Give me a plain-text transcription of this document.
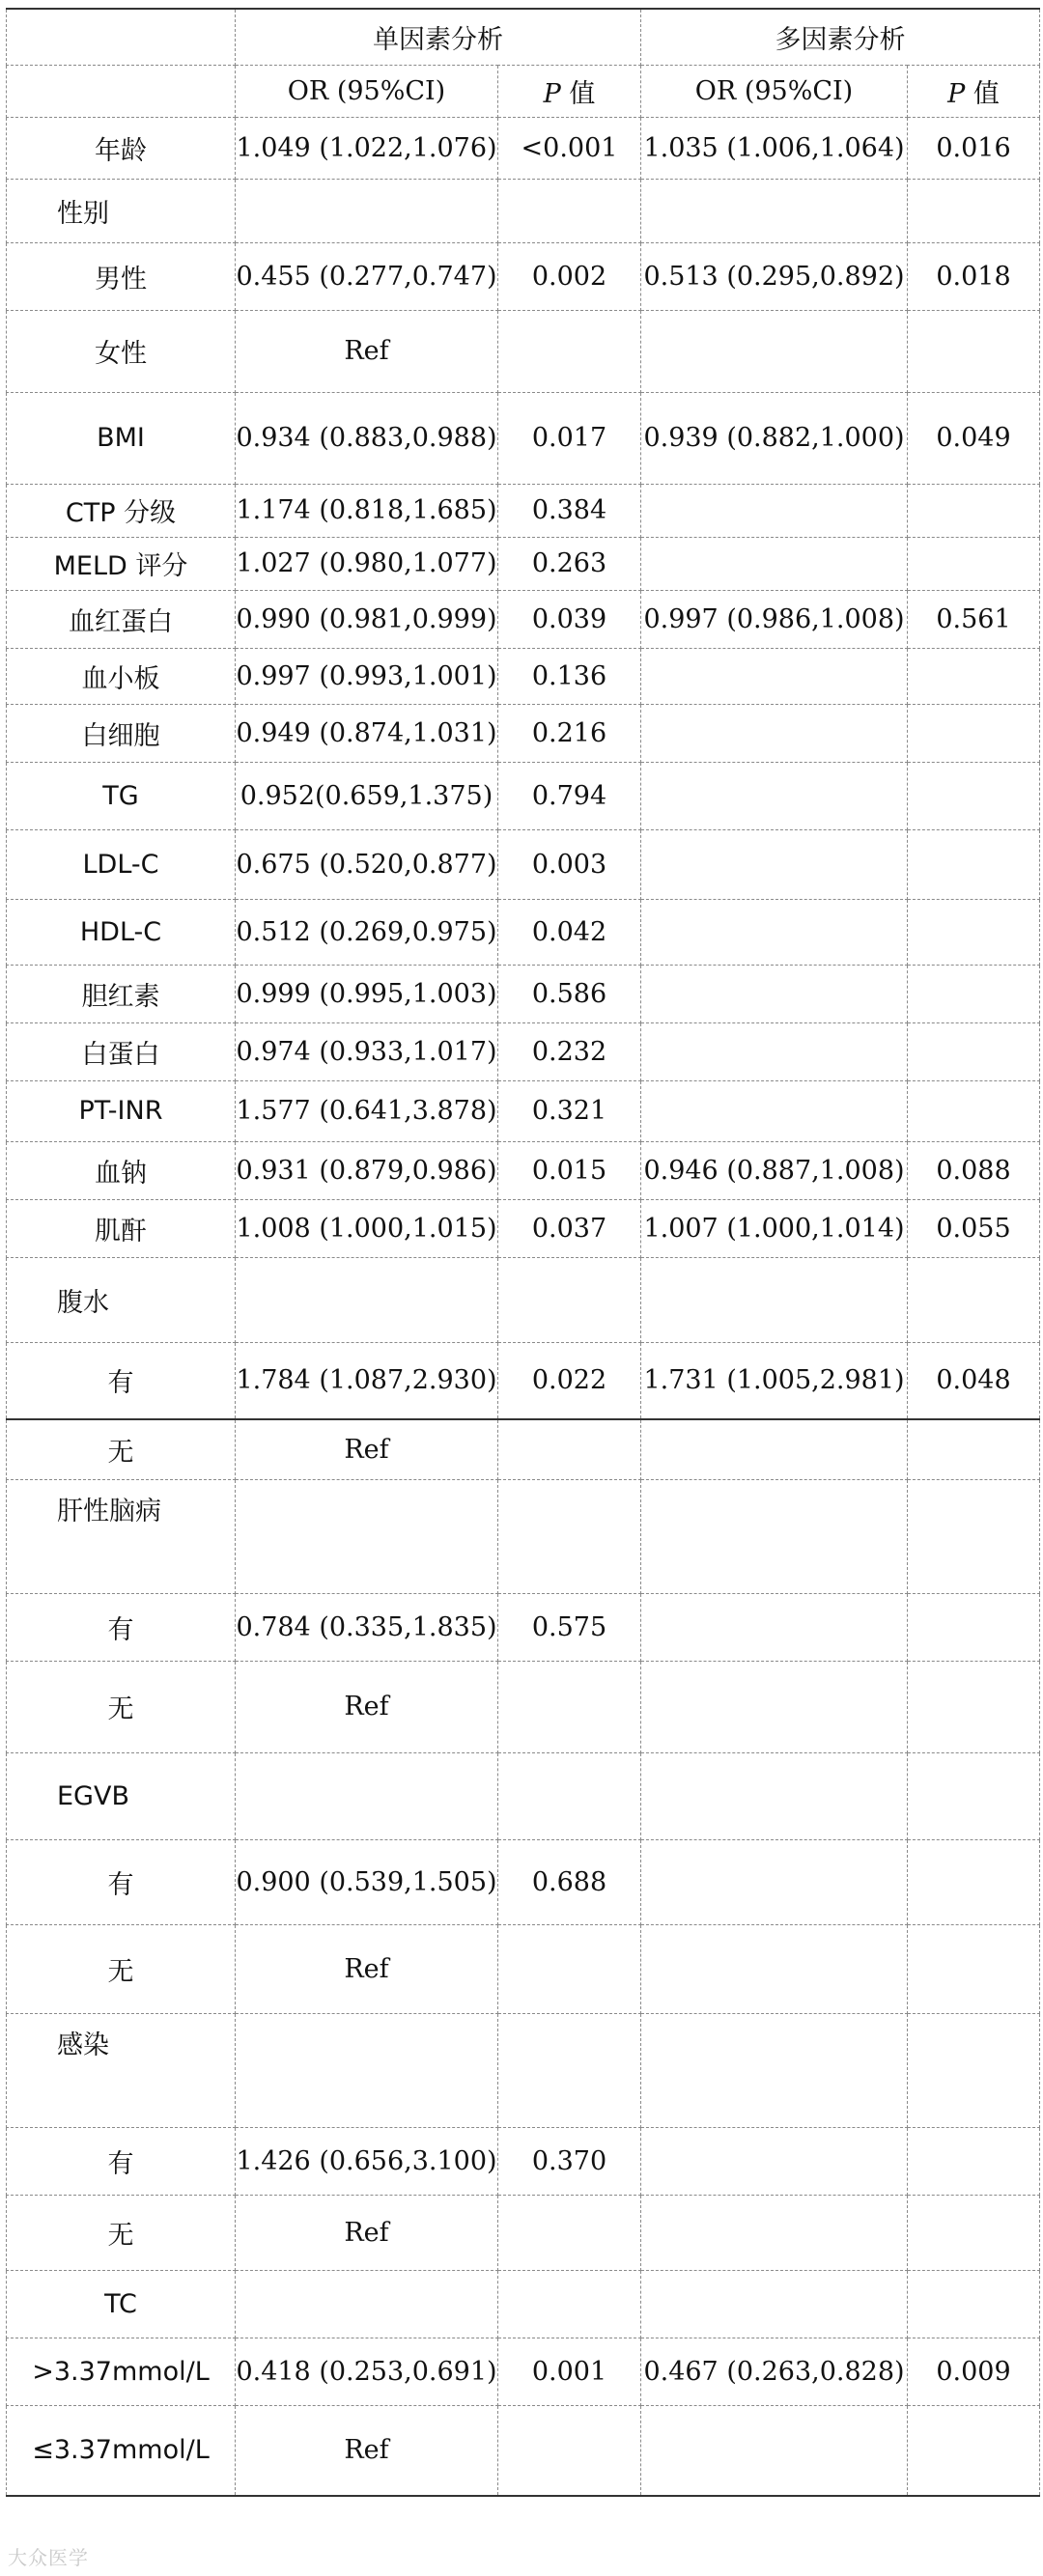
	单因素分析		多因素分析	
	OR (95%CI)	P 值	OR (95%CI)	P 值
年龄	1.049 (1.022,1.076)	<0.001	1.035 (1.006,1.064)	0.016
性别				
男性	0.455 (0.277,0.747)	0.002	0.513 (0.295,0.892)	0.018
女性	Ref			
BMI	0.934 (0.883,0.988)	0.017	0.939 (0.882,1.000)	0.049
CTP 分级	1.174 (0.818,1.685)	0.384		
MELD 评分	1.027 (0.980,1.077)	0.263		
血红蛋白	0.990 (0.981,0.999)	0.039	0.997 (0.986,1.008)	0.561
血小板	0.997 (0.993,1.001)	0.136		
白细胞	0.949 (0.874,1.031)	0.216		
TG	0.952(0.659,1.375)	0.794		
LDL-C	0.675 (0.520,0.877)	0.003		
HDL-C	0.512 (0.269,0.975)	0.042		
胆红素	0.999 (0.995,1.003)	0.586		
白蛋白	0.974 (0.933,1.017)	0.232		
PT-INR	1.577 (0.641,3.878)	0.321		
血钠	0.931 (0.879,0.986)	0.015	0.946 (0.887,1.008)	0.088
肌酐	1.008 (1.000,1.015)	0.037	1.007 (1.000,1.014)	0.055
腹水				
有	1.784 (1.087,2.930)	0.022	1.731 (1.005,2.981)	0.048
无	Ref			
肝性脑病				
有	0.784 (0.335,1.835)	0.575		
无	Ref			
EGVB				
有	0.900 (0.539,1.505)	0.688		
无	Ref			
感染				
有	1.426 (0.656,3.100)	0.370		
无	Ref			
TC				
>3.37mmol/L	0.418 (0.253,0.691)	0.001	0.467 (0.263,0.828)	0.009
≤3.37mmol/L	Ref			
大众医学
